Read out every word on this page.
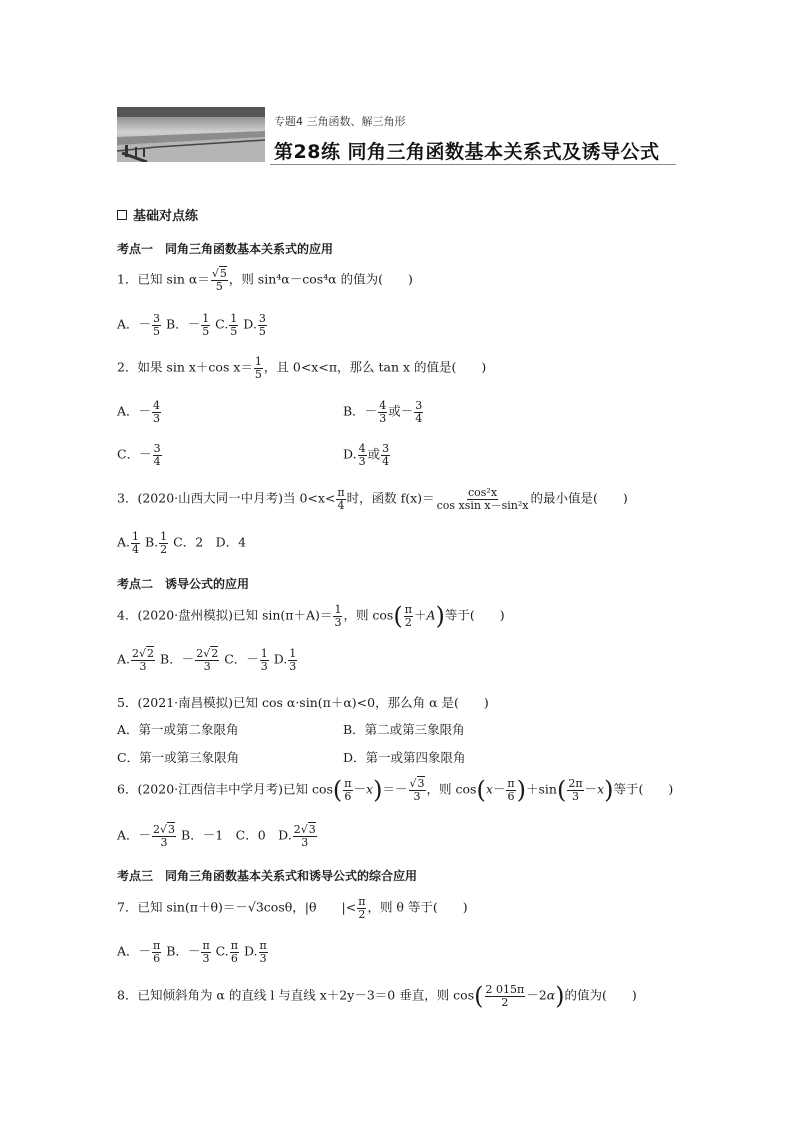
专题4 三角函数、解三角形
第28练 同角三角函数基本关系式及诱导公式
基础对点练
考点一　同角三角函数基本关系式的应用
1．已知 $\sin \alpha= \frac{√5}{5}$ ，则 sin⁴α－cos⁴α 的值为(　　)
A．－ $\frac{3}{5}$ B．－ $\frac{1}{5} C$. $\frac{1}{5} D$. $\frac{3}{5}$
2．如果 sin x＋cos $x= \frac{1}{5}$ ，且 0<x<π，那么 tan x 的值是(　　)
A．－ $\frac{4}{3}$	B．－ $\frac{4}{3}$ 或－ $\frac{3}{4}$
C．－ $\frac{3}{4}$	D. $\frac{4}{3}$ 或 $\frac{3}{4}$
3．(2020·山西大同一中月考)当 $0<x< \frac{\pi}{4}$ 时，函数 $f(x)= \frac{\text{cos²x}}{\text{cos xsin x－sin²x}}$ 的最小值是(　　)
A. $\frac{1}{4} B$. $\frac{1}{2}$ C．2　D．4
考点二　诱导公式的应用
4．(2020·盘州模拟)已知 $\sin(\pi+A)= \frac{1}{3}$ ，则 $\cos( \frac{\pi}{2} +A)$等于(　　)
A. $\frac{2√2}{3}$ B．－ $\frac{2√2}{3}$ C．－ $\frac{1}{3} D$. $\frac{1}{3}$
5．(2021·南昌模拟)已知 cos α·sin(π＋α)<0，那么角 α 是(　　)
A．第一或第二象限角	B．第二或第三象限角
C．第一或第三象限角	D．第一或第四象限角
6．(2020·江西信丰中学月考)已知 $\cos( \frac{\pi}{6} -x)=- \frac{√3}{3}$ ，则 $\cos(x- \frac{\pi}{6} )+\sin( \frac{2\pi}{3} -x)$等于(　　)
A．－ $\frac{2√3}{3}$ B．－1　C．0　D. $\frac{2√3}{3}$
考点三　同角三角函数基本关系式和诱导公式的综合应用
7．已知 sin(π＋θ)＝－√3cosθ，|θ　　|< $\frac{\pi}{2}$ ，则 θ 等于(　　)
A．－ $\frac{\pi}{6}$ B．－ $\frac{\pi}{3} C$. $\frac{\pi}{6} D$. $\frac{\pi}{3}$
8．已知倾斜角为 α 的直线 l 与直线 x＋2y－3＝0 垂直，则 $\cos( \frac{2 015\pi}{2} -2\alpha)$的值为(　　)
